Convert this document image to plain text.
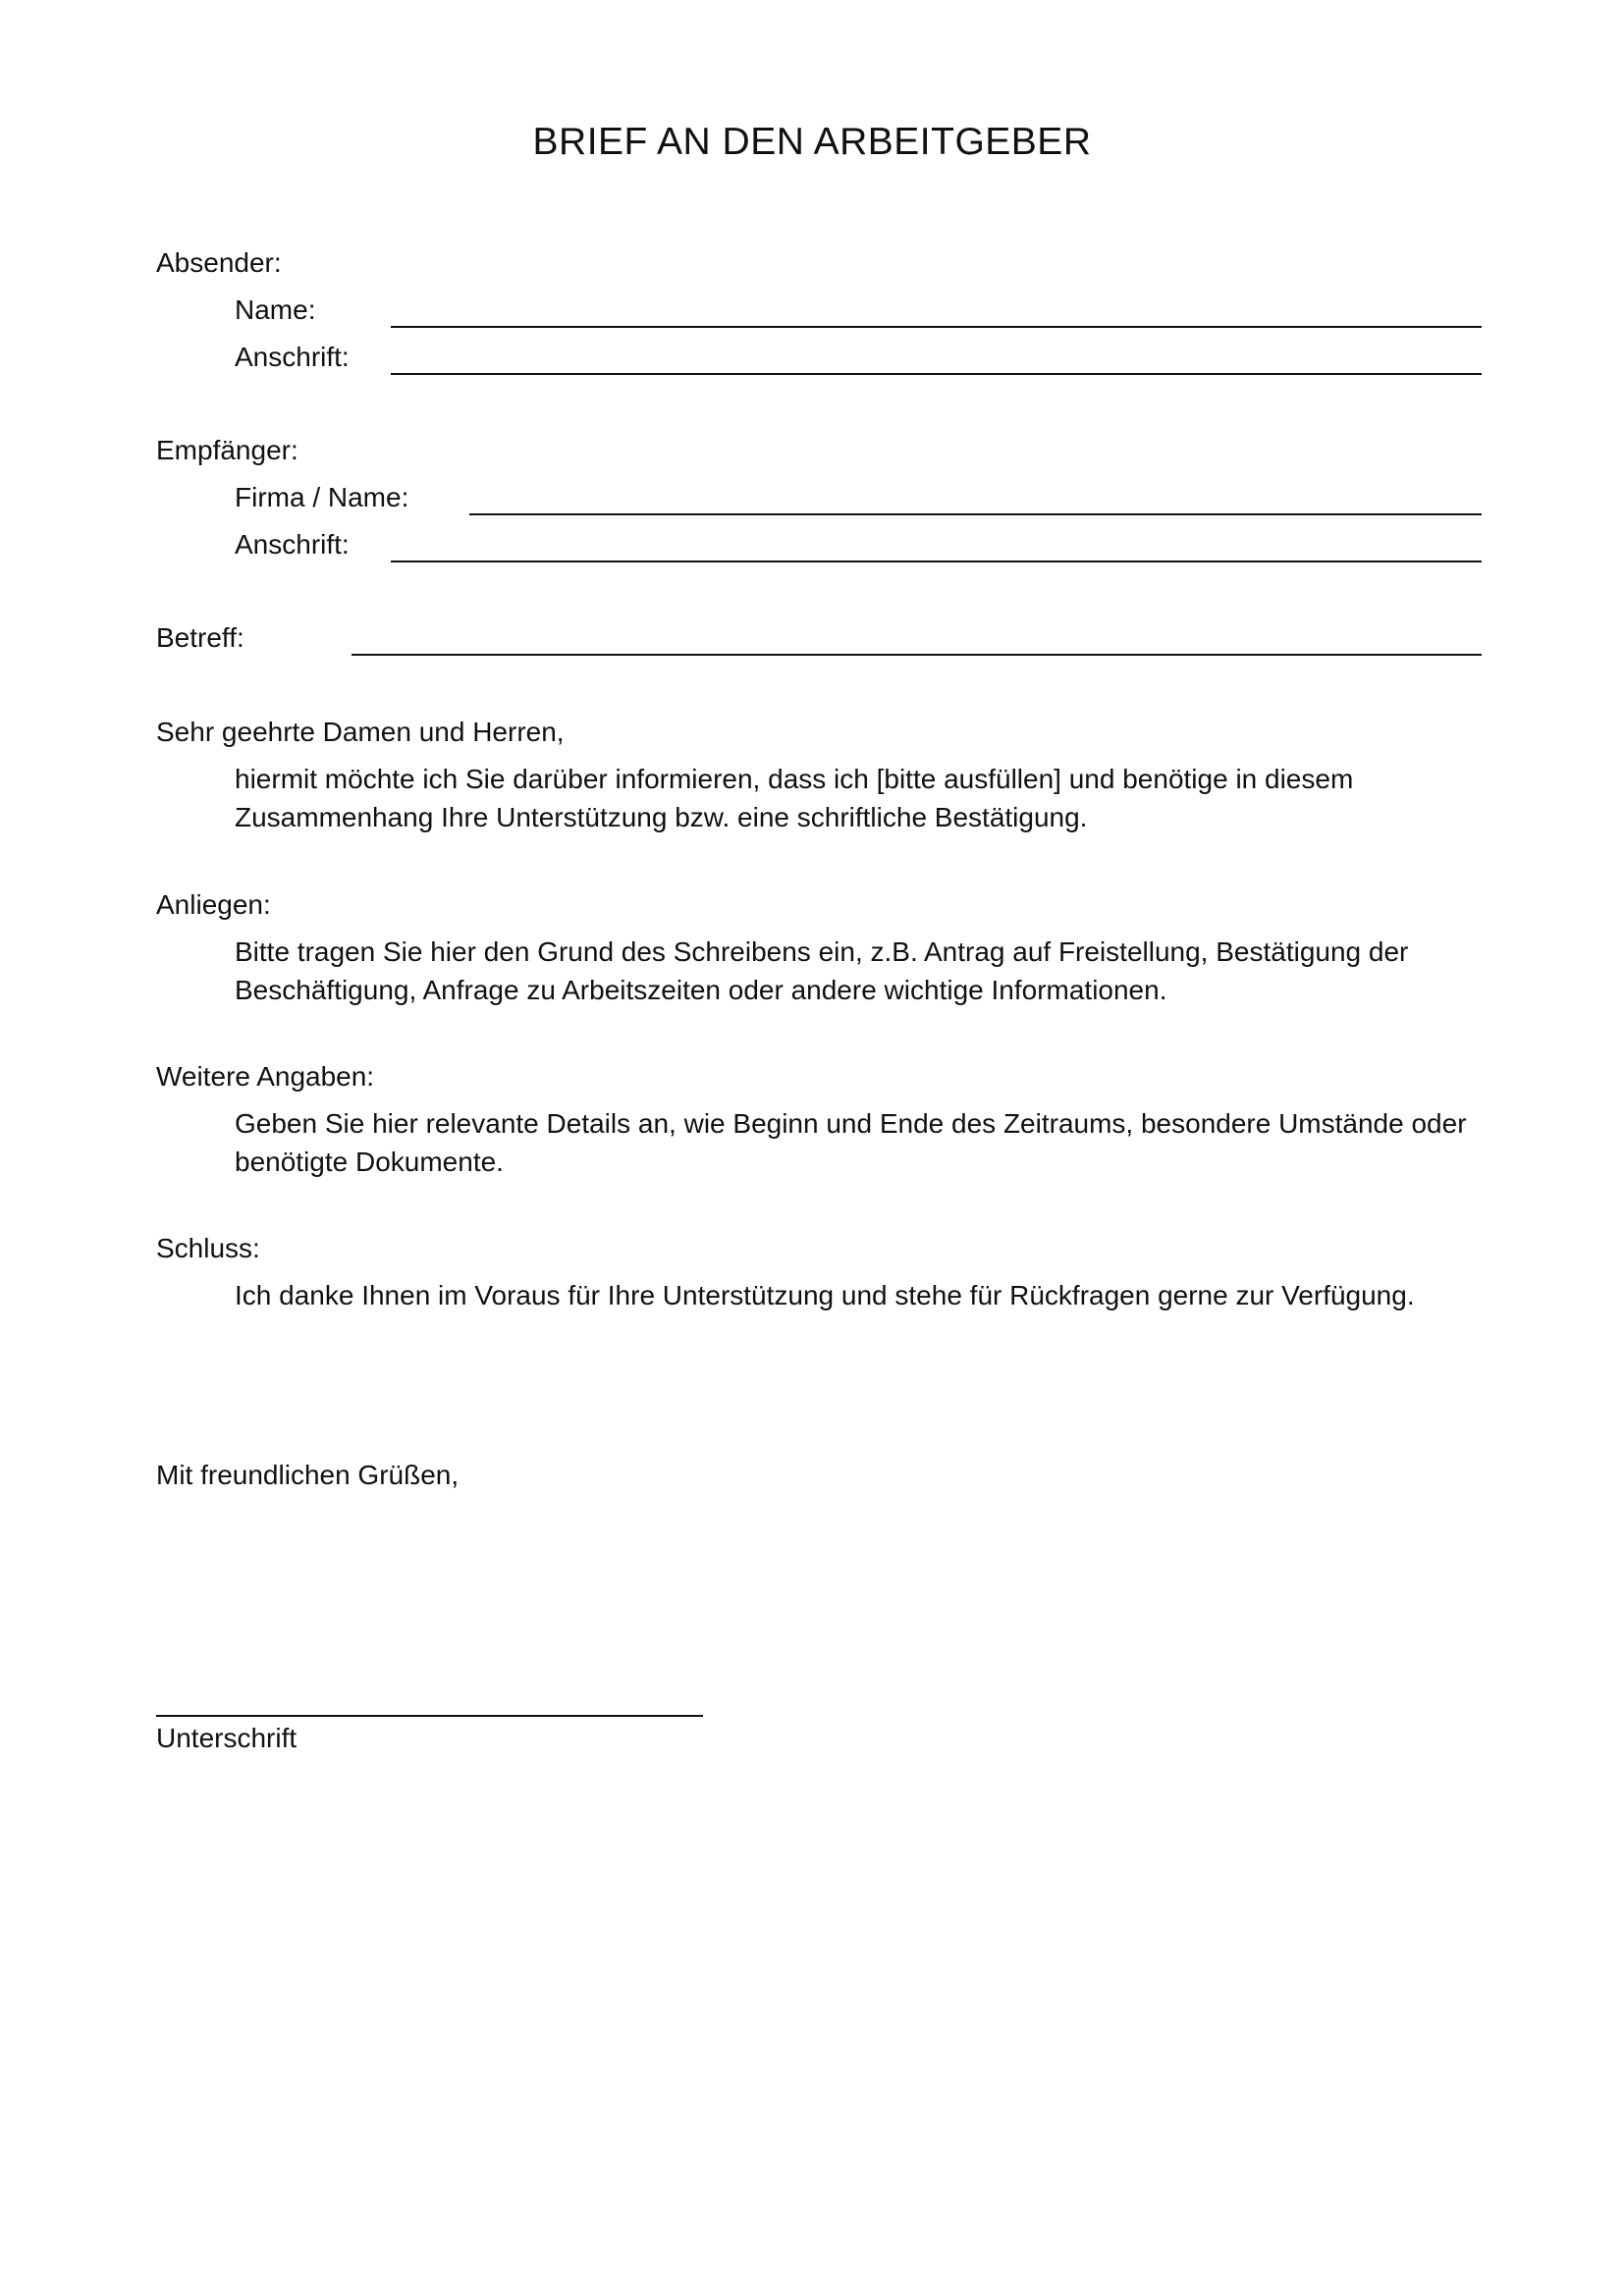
BRIEF AN DEN ARBEITGEBER
Absender:
Name:
Anschrift:
Empfänger:
Firma / Name:
Anschrift:
Betreff:
Sehr geehrte Damen und Herren,
hiermit möchte ich Sie darüber informieren, dass ich [bitte ausfüllen] und benötige in diesem Zusammenhang Ihre Unterstützung bzw. eine schriftliche Bestätigung.
Anliegen:
Bitte tragen Sie hier den Grund des Schreibens ein, z.B. Antrag auf Freistellung, Bestätigung der Beschäftigung, Anfrage zu Arbeitszeiten oder andere wichtige Informationen.
Weitere Angaben:
Geben Sie hier relevante Details an, wie Beginn und Ende des Zeitraums, besondere Umstände oder benötigte Dokumente.
Schluss:
Ich danke Ihnen im Voraus für Ihre Unterstützung und stehe für Rückfragen gerne zur Verfügung.
Mit freundlichen Grüßen,
Unterschrift
